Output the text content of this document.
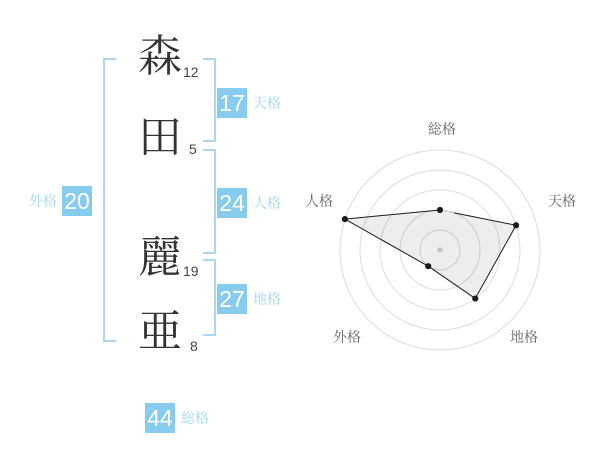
森
田
麗
亜
12
5
19
8
17 天格
24 人格
27 地格
外格 20
44 総格
総格
天格
地格
外格
人格
